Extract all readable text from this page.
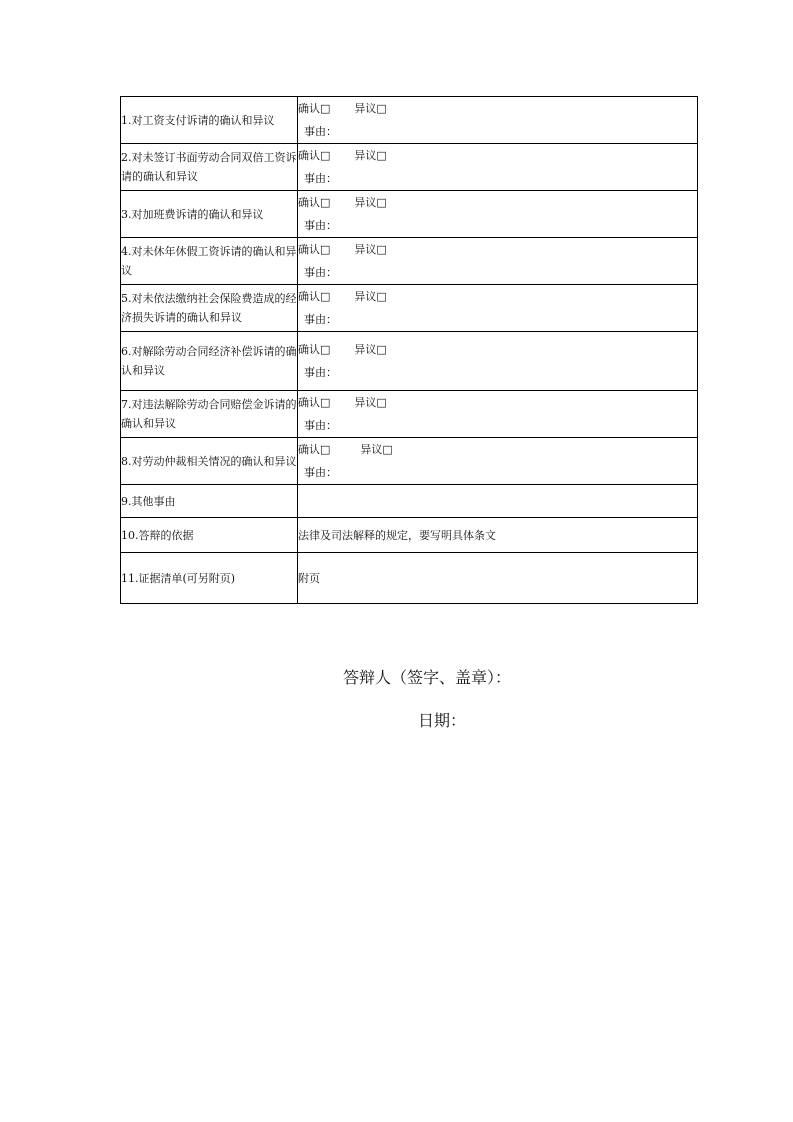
1.对工资支付诉请的确认和异议	确认□ 异议□
事由：

2.对未签订书面劳动合同双倍工资诉请的确认和异议	确认□ 异议□
事由：

3.对加班费诉请的确认和异议	确认□ 异议□
事由：

4.对未休年休假工资诉请的确认和异议	确认□ 异议□
事由：

5.对未依法缴纳社会保险费造成的经济损失诉请的确认和异议	确认□ 异议□
事由：

6.对解除劳动合同经济补偿诉请的确认和异议	确认□ 异议□
事由：

7.对违法解除劳动合同赔偿金诉请的确认和异议	确认□ 异议□
事由：

8.对劳动仲裁相关情况的确认和异议	确认□ 异议□
事由：

9.其他事由	
10.答辩的依据	法律及司法解释的规定，要写明具体条文
11.证据清单(可另附页)	附页
答辩人（签字、盖章）：
日期：
